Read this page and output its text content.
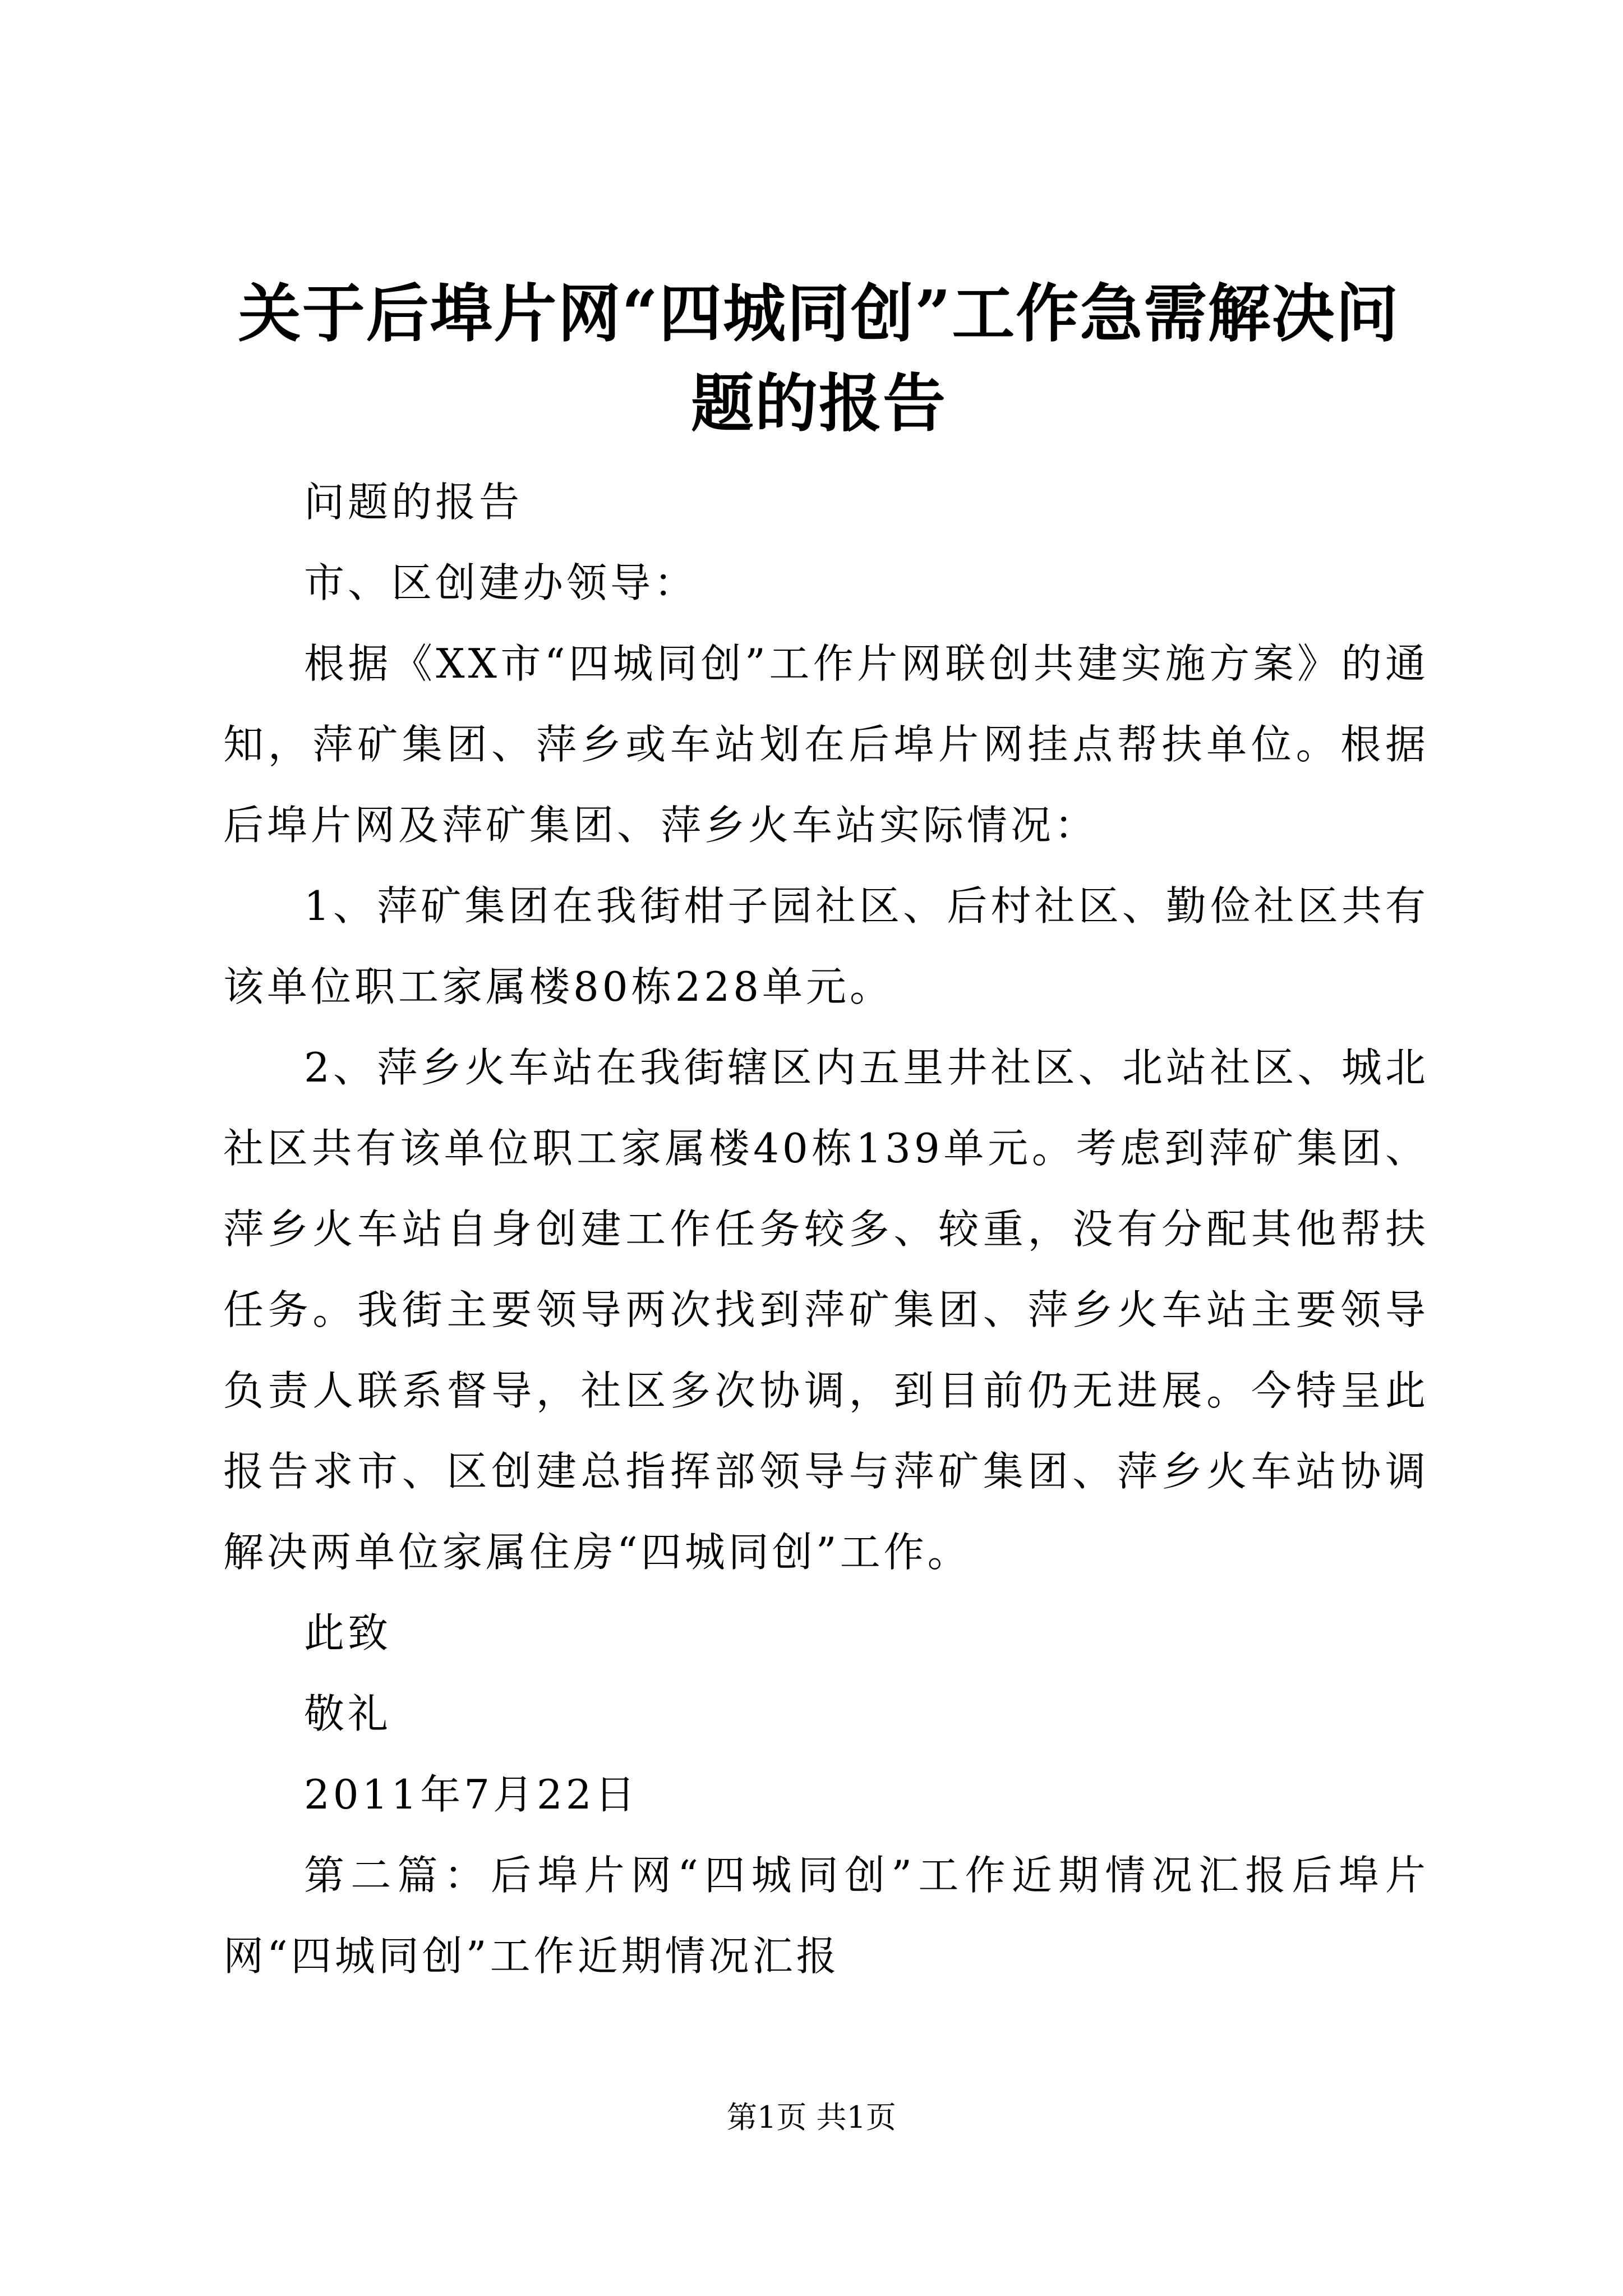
关于后埠片网“四城同创”工作急需解决问题的报告

问题的报告

市、区创建办领导：

根据《XX市“四城同创”工作片网联创共建实施方案》的通知，萍矿集团、萍乡或车站划在后埠片网挂点帮扶单位。根据后埠片网及萍矿集团、萍乡火车站实际情况：

1、萍矿集团在我街柑子园社区、后村社区、勤俭社区共有该单位职工家属楼80栋228单元。

2、萍乡火车站在我街辖区内五里井社区、北站社区、城北社区共有该单位职工家属楼40栋139单元。考虑到萍矿集团、萍乡火车站自身创建工作任务较多、较重，没有分配其他帮扶任务。我街主要领导两次找到萍矿集团、萍乡火车站主要领导负责人联系督导，社区多次协调，到目前仍无进展。今特呈此报告求市、区创建总指挥部领导与萍矿集团、萍乡火车站协调解决两单位家属住房“四城同创”工作。

此致

敬礼

2011年7月22日

第二篇：后埠片网“四城同创”工作近期情况汇报后埠片网“四城同创”工作近期情况汇报

第1页 共1页
